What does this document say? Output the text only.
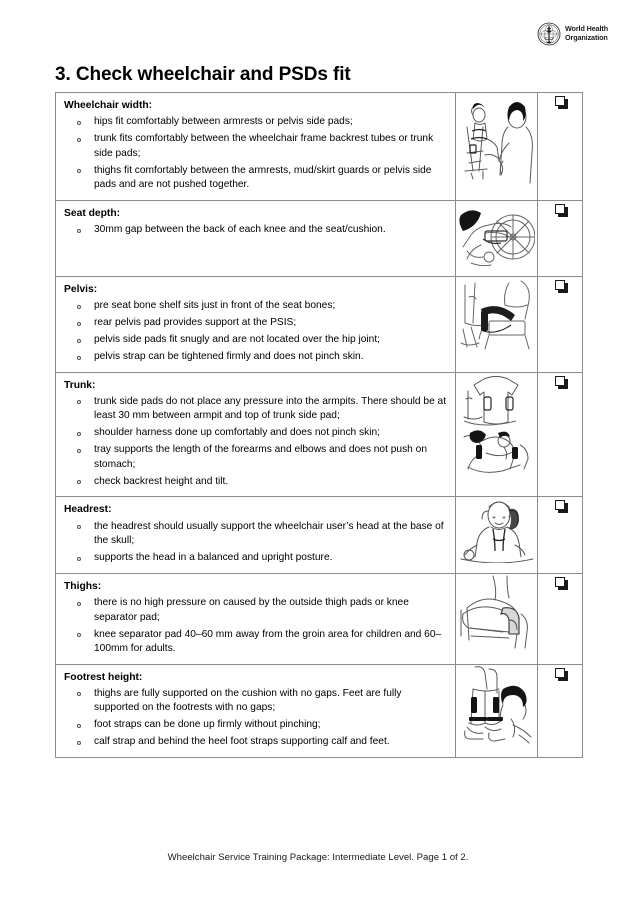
World Health
Organization
3. Check wheelchair and PSDs fit

Wheelchair width:

hips fit comfortably between armrests or pelvis side pads;
trunk fits comfortably between the wheelchair frame backrest tubes or trunk side pads;
thighs fit comfortably between the armrests, mud/skirt guards or pelvis side pads and are not pushed together.

Seat depth:

30mm gap between the back of each knee and the seat/cushion.

Pelvis:

pre seat bone shelf sits just in front of the seat bones;
rear pelvis pad provides support at the PSIS;
pelvis side pads fit snugly and are not located over the hip joint;
pelvis strap can be tightened firmly and does not pinch skin.

Trunk:

trunk side pads do not place any pressure into the armpits. There should be at least 30 mm between armpit and top of trunk side pad;
shoulder harness done up comfortably and does not pinch skin;
tray supports the length of the forearms and elbows and does not push on stomach;
check backrest height and tilt.

Headrest:

the headrest should usually support the wheelchair user’s head at the base of the skull;
supports the head in a balanced and upright posture.

Thighs:

there is no high pressure on caused by the outside thigh pads or knee separator pad;
knee separator pad 40–60 mm away from the groin area for children and 60–100mm for adults.

Footrest height:

thighs are fully supported on the cushion with no gaps. Feet are fully supported on the footrests with no gaps;
foot straps can be done up firmly without pinching;
calf strap and behind the heel foot straps supporting calf and feet.

Wheelchair Service Training Package: Intermediate Level. Page 1 of 2.
